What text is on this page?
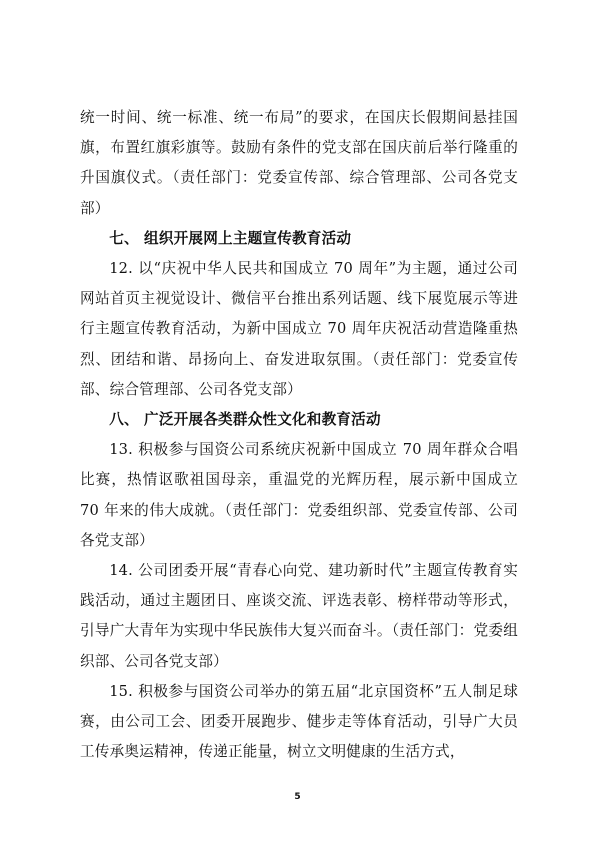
统一时间、统一标准、统一布局”的要求，在国庆长假期间悬挂国旗，布置红旗彩旗等。鼓励有条件的党支部在国庆前后举行隆重的升国旗仪式。（责任部门：党委宣传部、综合管理部、公司各党支部）

七、 组织开展网上主题宣传教育活动

12. 以“庆祝中华人民共和国成立 70 周年”为主题，通过公司网站首页主视觉设计、微信平台推出系列话题、线下展览展示等进行主题宣传教育活动，为新中国成立 70 周年庆祝活动营造隆重热烈、团结和谐、昂扬向上、奋发进取氛围。（责任部门：党委宣传部、综合管理部、公司各党支部）

八、 广泛开展各类群众性文化和教育活动

13. 积极参与国资公司系统庆祝新中国成立 70 周年群众合唱比赛，热情讴歌祖国母亲，重温党的光辉历程，展示新中国成立 70 年来的伟大成就。（责任部门：党委组织部、党委宣传部、公司各党支部）

14. 公司团委开展“青春心向党、建功新时代”主题宣传教育实践活动，通过主题团日、座谈交流、评选表彰、榜样带动等形式，引导广大青年为实现中华民族伟大复兴而奋斗。（责任部门：党委组织部、公司各党支部）

15. 积极参与国资公司举办的第五届“北京国资杯”五人制足球赛，由公司工会、团委开展跑步、健步走等体育活动，引导广大员工传承奥运精神，传递正能量，树立文明健康的生活方式，

5
